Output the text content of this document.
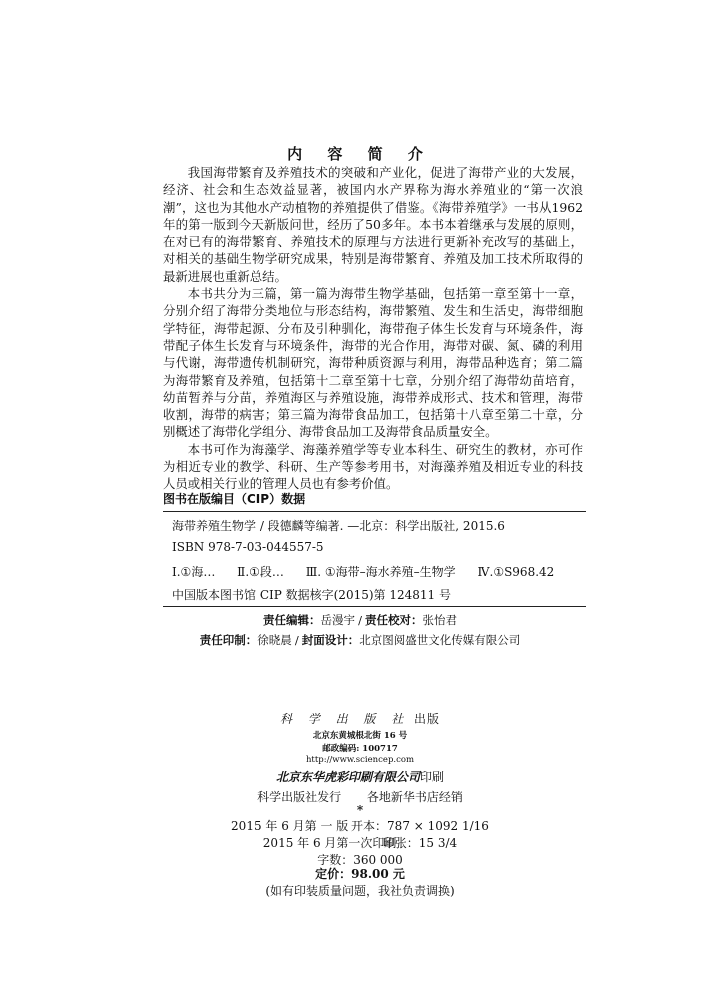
内 容 简 介

我国海带繁育及养殖技术的突破和产业化，促进了海带产业的大发展，经济、社会和生态效益显著，被国内水产界称为海水养殖业的“第一次浪潮”，这也为其他水产动植物的养殖提供了借鉴。《海带养殖学》一书从1962年的第一版到今天新版问世，经历了50多年。本书本着继承与发展的原则，在对已有的海带繁育、养殖技术的原理与方法进行更新补充改写的基础上，对相关的基础生物学研究成果，特别是海带繁育、养殖及加工技术所取得的最新进展也重新总结。

本书共分为三篇，第一篇为海带生物学基础，包括第一章至第十一章，分别介绍了海带分类地位与形态结构，海带繁殖、发生和生活史，海带细胞学特征，海带起源、分布及引种驯化，海带孢子体生长发育与环境条件，海带配子体生长发育与环境条件，海带的光合作用，海带对碳、氮、磷的利用与代谢，海带遗传机制研究，海带种质资源与利用，海带品种选育；第二篇为海带繁育及养殖，包括第十二章至第十七章，分别介绍了海带幼苗培育，幼苗暂养与分苗，养殖海区与养殖设施，海带养成形式、技术和管理，海带收割，海带的病害；第三篇为海带食品加工，包括第十八章至第二十章，分别概述了海带化学组分、海带食品加工及海带食品质量安全。

本书可作为海藻学、海藻养殖学等专业本科生、研究生的教材，亦可作为相近专业的教学、科研、生产等参考用书，对海藻养殖及相近专业的科技人员或相关行业的管理人员也有参考价值。

图书在版编目（CIP）数据
海带养殖生物学 / 段德麟等编著. —北京：科学出版社, 2015.6
ISBN 978-7-03-044557-5
Ⅰ.①海… Ⅱ.①段… Ⅲ. ①海带–海水养殖–生物学 Ⅳ.①S968.42
中国版本图书馆 CIP 数据核字(2015)第 124811 号
责任编辑：岳漫宇/责任校对：张怡君
责任印制：徐晓晨/封面设计：北京图阅盛世文化传媒有限公司
科 学 出 版 社 出版
北京东黄城根北街 16 号
邮政编码: 100717
http://www.sciencep.com
北京东华虎彩印刷有限公司印刷
科学出版社发行 各地新华书店经销
*
2015 年 6 月第 一 版 开本：787 × 1092 1/16
2015 年 6 月第一次印刷印张：15 3/4
字数：360 000
定价：98.00 元
(如有印装质量问题，我社负责调换)
